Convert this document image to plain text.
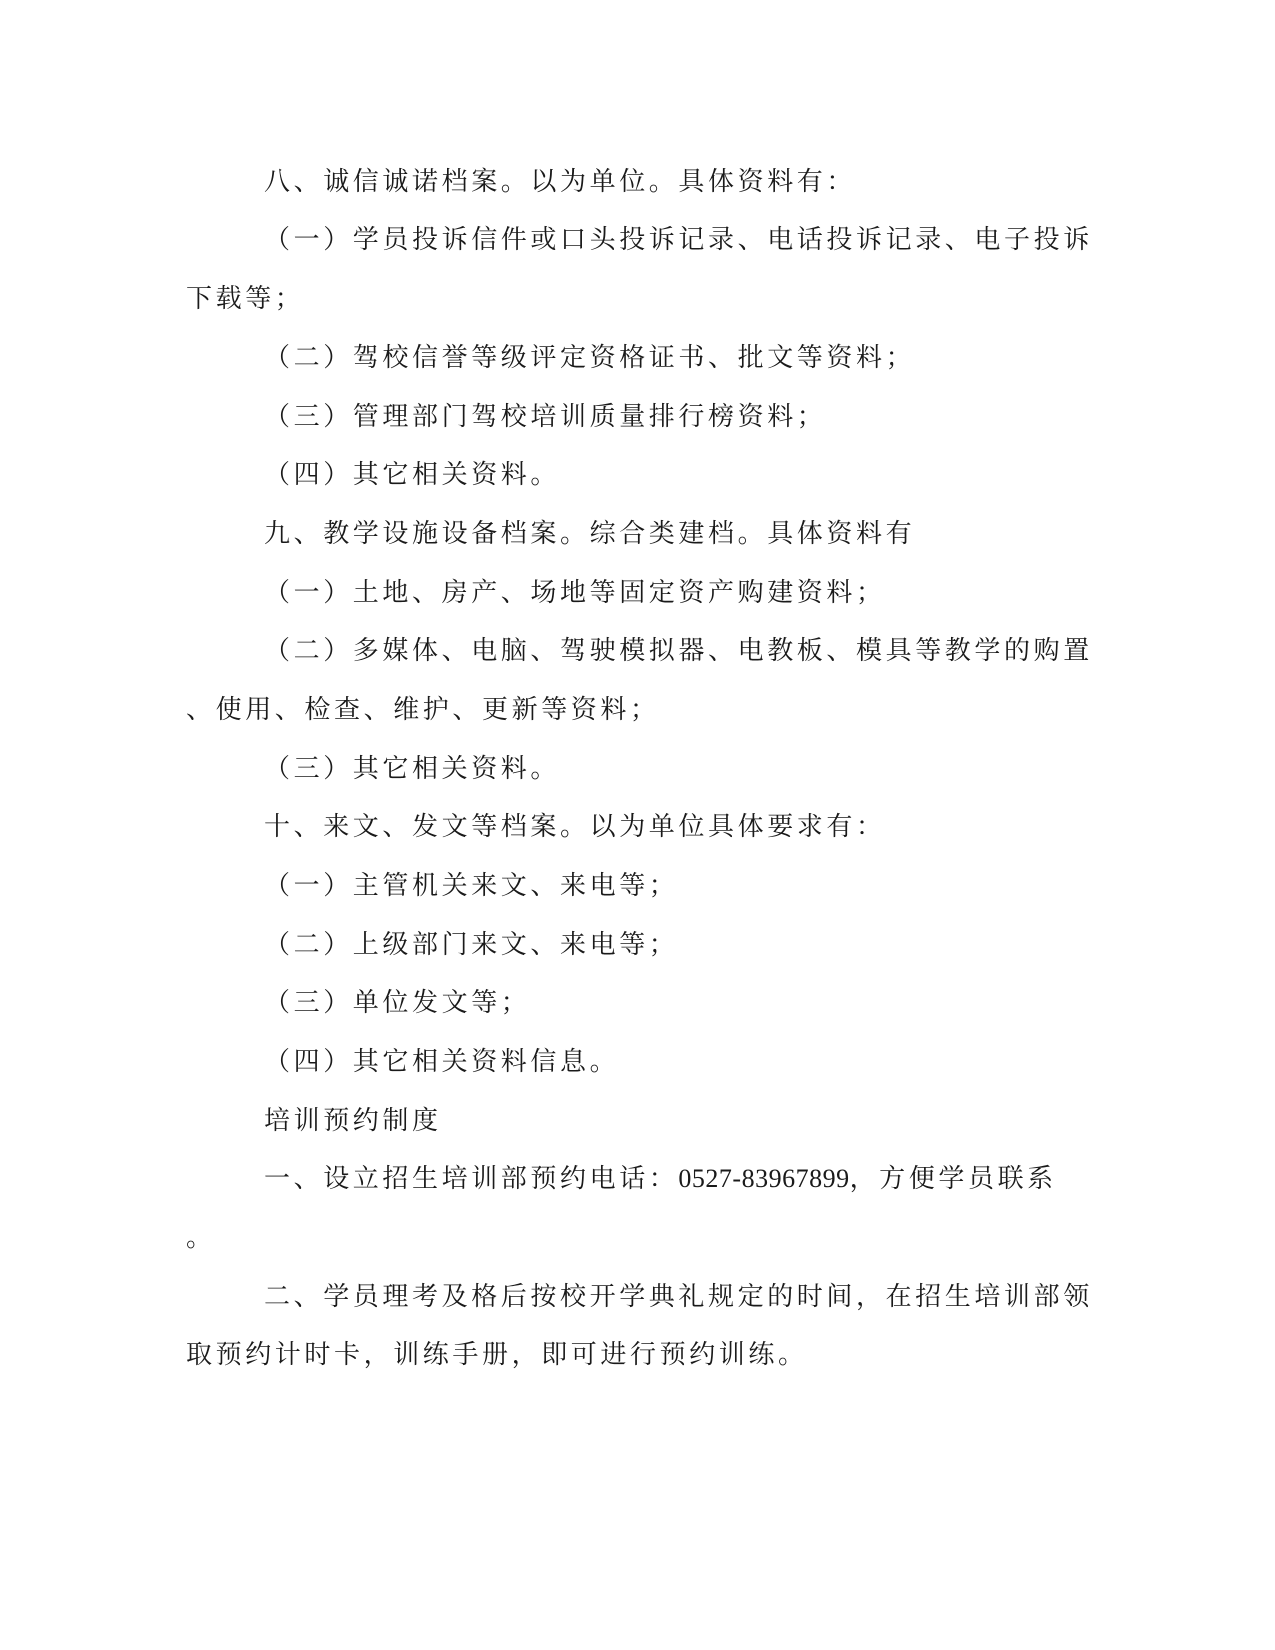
八、诚信诚诺档案。以为单位。具体资料有：

（一）学员投诉信件或口头投诉记录、电话投诉记录、电子投诉

下载等；

（二）驾校信誉等级评定资格证书、批文等资料；

（三）管理部门驾校培训质量排行榜资料；

（四）其它相关资料。

九、教学设施设备档案。综合类建档。具体资料有

（一）土地、房产、场地等固定资产购建资料；

（二）多媒体、电脑、驾驶模拟器、电教板、模具等教学的购置

、使用、检查、维护、更新等资料；

（三）其它相关资料。

十、来文、发文等档案。以为单位具体要求有：

（一）主管机关来文、来电等；

（二）上级部门来文、来电等；

（三）单位发文等；

（四）其它相关资料信息。

培训预约制度

一、设立招生培训部预约电话：0527-83967899，方便学员联系

。

二、学员理考及格后按校开学典礼规定的时间，在招生培训部领

取预约计时卡，训练手册，即可进行预约训练。
